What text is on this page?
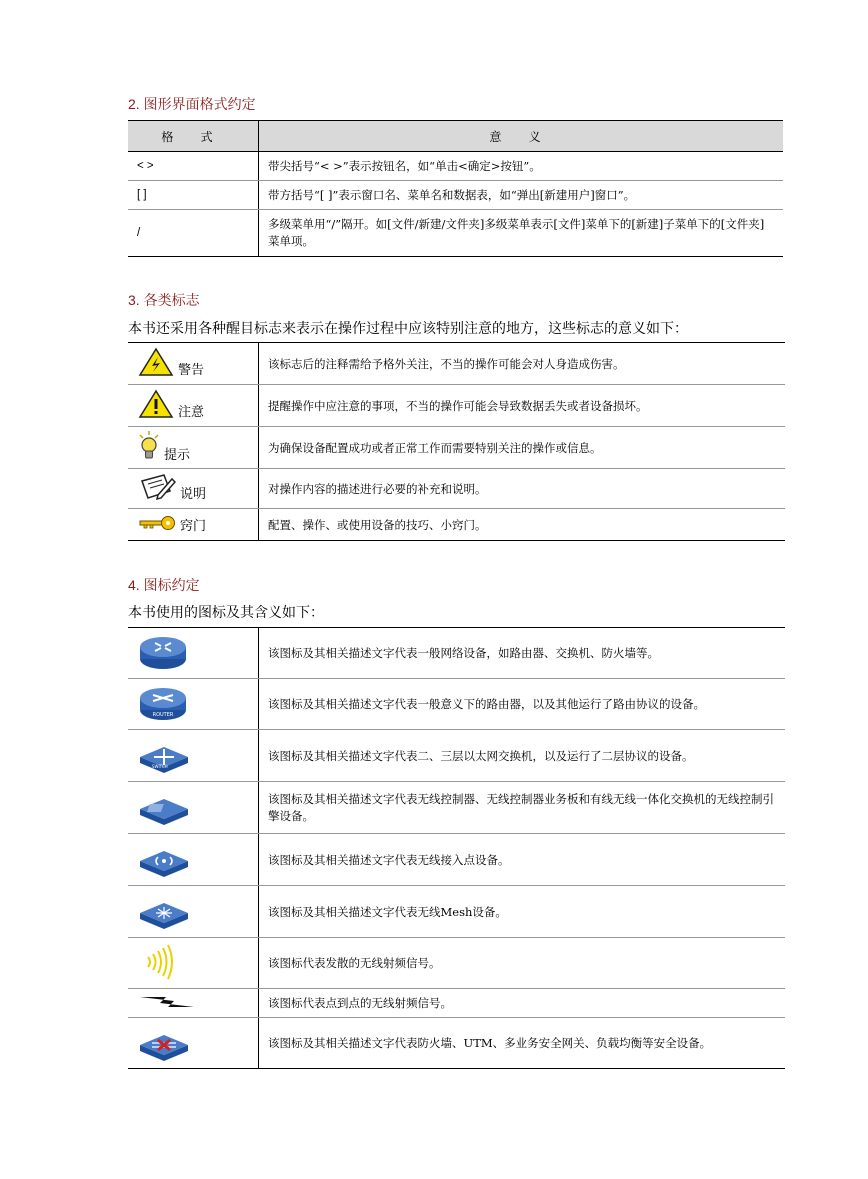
2. 图形界面格式约定
格 式	意 义
< >	带尖括号“< >”表示按钮名，如“单击<确定>按钮”。
[ ]	带方括号“[ ]”表示窗口名、菜单名和数据表，如“弹出[新建用户]窗口”。
/	多级菜单用“/”隔开。如[文件/新建/文件夹]多级菜单表示[文件]菜单下的[新建]子菜单下的[文件夹]菜单项。
3. 各类标志
本书还采用各种醒目标志来表示在操作过程中应该特别注意的地方，这些标志的意义如下：
警告	该标志后的注释需给予格外关注，不当的操作可能会对人身造成伤害。

注意	提醒操作中应注意的事项，不当的操作可能会导致数据丢失或者设备损坏。

提示	为确保设备配置成功或者正常工作而需要特别关注的操作或信息。

说明	对操作内容的描述进行必要的补充和说明。

窍门	配置、操作、或使用设备的技巧、小窍门。
4. 图标约定
本书使用的图标及其含义如下：
	该图标及其相关描述文字代表一般网络设备，如路由器、交换机、防火墙等。

ROUTER	该图标及其相关描述文字代表一般意义下的路由器，以及其他运行了路由协议的设备。

SWITCH	该图标及其相关描述文字代表二、三层以太网交换机，以及运行了二层协议的设备。
	该图标及其相关描述文字代表无线控制器、无线控制器业务板和有线无线一体化交换机的无线控制引擎设备。
	该图标及其相关描述文字代表无线接入点设备。
	该图标及其相关描述文字代表无线Mesh设备。
	该图标代表发散的无线射频信号。
	该图标代表点到点的无线射频信号。
	该图标及其相关描述文字代表防火墙、UTM、多业务安全网关、负载均衡等安全设备。
